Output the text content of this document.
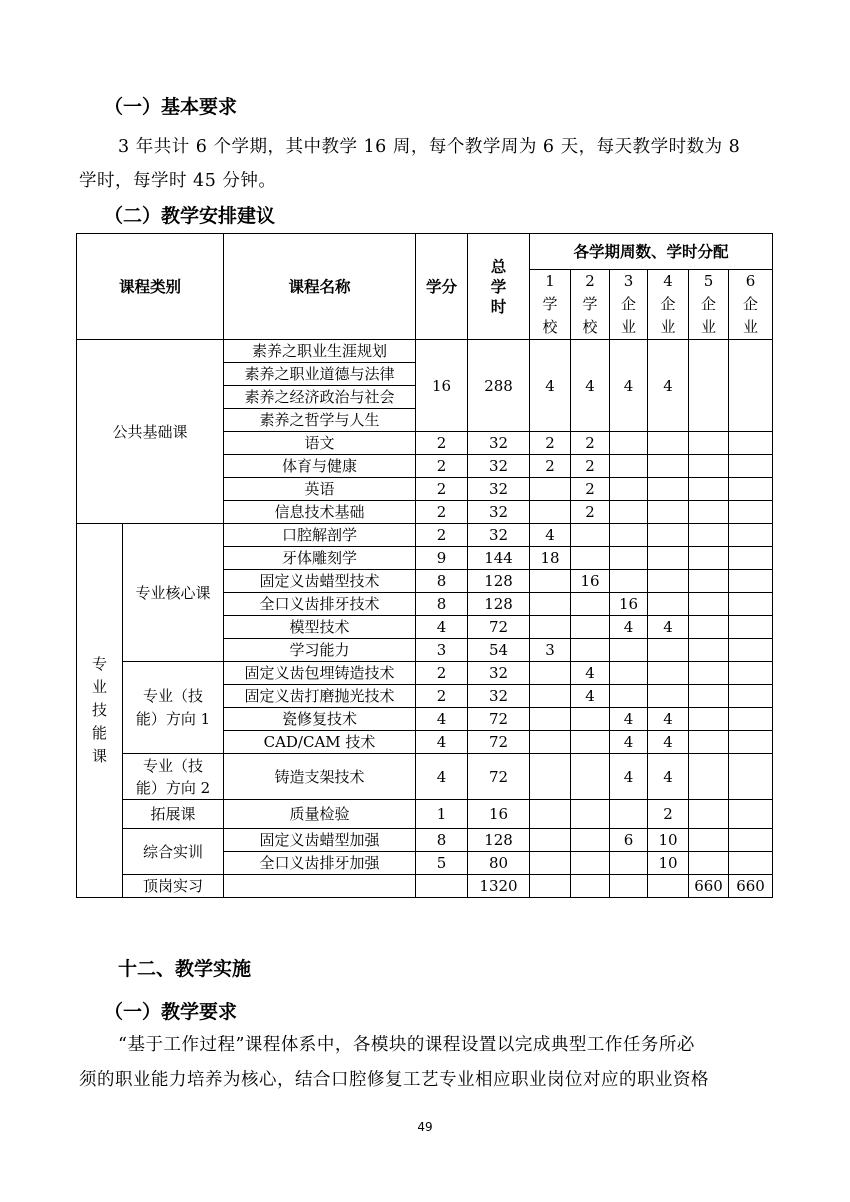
（一）基本要求
3 年共计 6 个学期，其中教学 16 周，每个教学周为 6 天，每天教学时数为 8
学时，每学时 45 分钟。
（二）教学安排建议
课程类别		课程名称	学分	总学时	各学期周数、学时分配					
					1学校	2学校	3企业	4企业	5企业	6企业
公共基础课		素养之职业生涯规划	16	288	4	4	4	4		
		素养之职业道德与法律								
		素养之经济政治与社会								
		素养之哲学与人生								
		语文	2	32	2	2				
		体育与健康	2	32	2	2				
		英语	2	32		2				
		信息技术基础	2	32		2				
专业技能课	专业核心课	口腔解剖学	2	32	4					
		牙体雕刻学	9	144	18					
		固定义齿蜡型技术	8	128		16				
		全口义齿排牙技术	8	128			16			
		模型技术	4	72			4	4		
		学习能力	3	54	3					
	专业（技能）方向 1	固定义齿包埋铸造技术	2	32		4				
		固定义齿打磨抛光技术	2	32		4				
		瓷修复技术	4	72			4	4		
		CAD/CAM 技术	4	72			4	4		
	专业（技能）方向 2	铸造支架技术	4	72			4	4		
	拓展课	质量检验	1	16				2		
	综合实训	固定义齿蜡型加强	8	128			6	10		
		全口义齿排牙加强	5	80				10		
	顶岗实习			1320					660	660
十二、教学实施
（一）教学要求
“基于工作过程”课程体系中，各模块的课程设置以完成典型工作任务所必
须的职业能力培养为核心，结合口腔修复工艺专业相应职业岗位对应的职业资格
49
